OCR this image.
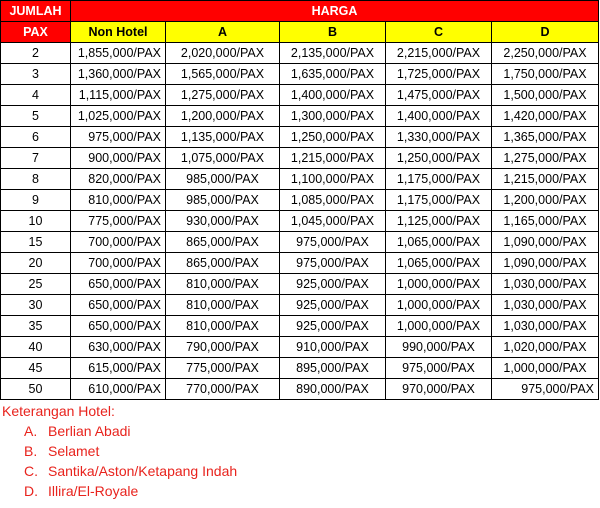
JUMLAH	HARGA				
PAX	Non Hotel	A	B	C	D
2	1,855,000/PAX	2,020,000/PAX	2,135,000/PAX	2,215,000/PAX	2,250,000/PAX
3	1,360,000/PAX	1,565,000/PAX	1,635,000/PAX	1,725,000/PAX	1,750,000/PAX
4	1,115,000/PAX	1,275,000/PAX	1,400,000/PAX	1,475,000/PAX	1,500,000/PAX
5	1,025,000/PAX	1,200,000/PAX	1,300,000/PAX	1,400,000/PAX	1,420,000/PAX
6	975,000/PAX	1,135,000/PAX	1,250,000/PAX	1,330,000/PAX	1,365,000/PAX
7	900,000/PAX	1,075,000/PAX	1,215,000/PAX	1,250,000/PAX	1,275,000/PAX
8	820,000/PAX	985,000/PAX	1,100,000/PAX	1,175,000/PAX	1,215,000/PAX
9	810,000/PAX	985,000/PAX	1,085,000/PAX	1,175,000/PAX	1,200,000/PAX
10	775,000/PAX	930,000/PAX	1,045,000/PAX	1,125,000/PAX	1,165,000/PAX
15	700,000/PAX	865,000/PAX	975,000/PAX	1,065,000/PAX	1,090,000/PAX
20	700,000/PAX	865,000/PAX	975,000/PAX	1,065,000/PAX	1,090,000/PAX
25	650,000/PAX	810,000/PAX	925,000/PAX	1,000,000/PAX	1,030,000/PAX
30	650,000/PAX	810,000/PAX	925,000/PAX	1,000,000/PAX	1,030,000/PAX
35	650,000/PAX	810,000/PAX	925,000/PAX	1,000,000/PAX	1,030,000/PAX
40	630,000/PAX	790,000/PAX	910,000/PAX	990,000/PAX	1,020,000/PAX
45	615,000/PAX	775,000/PAX	895,000/PAX	975,000/PAX	1,000,000/PAX
50	610,000/PAX	770,000/PAX	890,000/PAX	970,000/PAX	975,000/PAX
Keterangan Hotel:
A. Berlian Abadi
B. Selamet
C. Santika/Aston/Ketapang Indah
D. Illira/El-Royale
